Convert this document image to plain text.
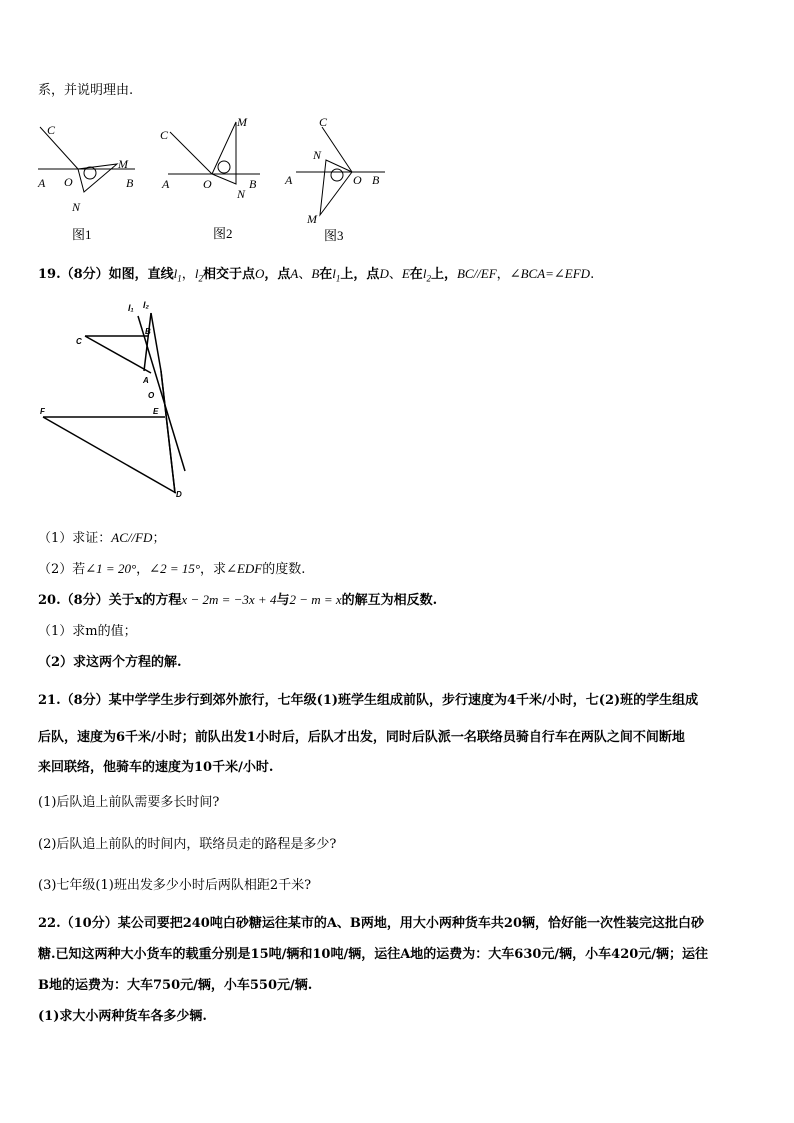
系，并说明理由.
C
A O	B
M
N
C
A	O	B
M
N
C
A
N
O B
M
图1	图2	图3
19.（8分）如图，直线$l_1$，$l_2$相交于点O，点A、B在$l_1$上，点D、E在$l_2$上，BC//EF，∠BCA=∠EFD.
l₁ l₂
C
B
A
O
F	E
D
（1）求证：AC//FD；
（2）若∠1 = 20°，∠2 = 15°，求∠EDF的度数.
20.（8分）关于x的方程x − 2m = −3x + 4与2 − m = x的解互为相反数.
（1）求m的值；
（2）求这两个方程的解.
21.（8分）某中学学生步行到郊外旅行，七年级(1)班学生组成前队，步行速度为4千米/小时，七(2)班的学生组成
后队，速度为6千米/小时；前队出发1小时后，后队才出发，同时后队派一名联络员骑自行车在两队之间不间断地
来回联络，他骑车的速度为10千米/小时.
(1)后队追上前队需要多长时间?
(2)后队追上前队的时间内，联络员走的路程是多少?
(3)七年级(1)班出发多少小时后两队相距2千米?
22.（10分）某公司要把240吨白砂糖运往某市的A、B两地，用大小两种货车共20辆，恰好能一次性装完这批白砂
糖.已知这两种大小货车的载重分别是15吨/辆和10吨/辆，运往A地的运费为：大车630元/辆，小车420元/辆；运往
B地的运费为：大车750元/辆，小车550元/辆.
(1)求大小两种货车各多少辆.
